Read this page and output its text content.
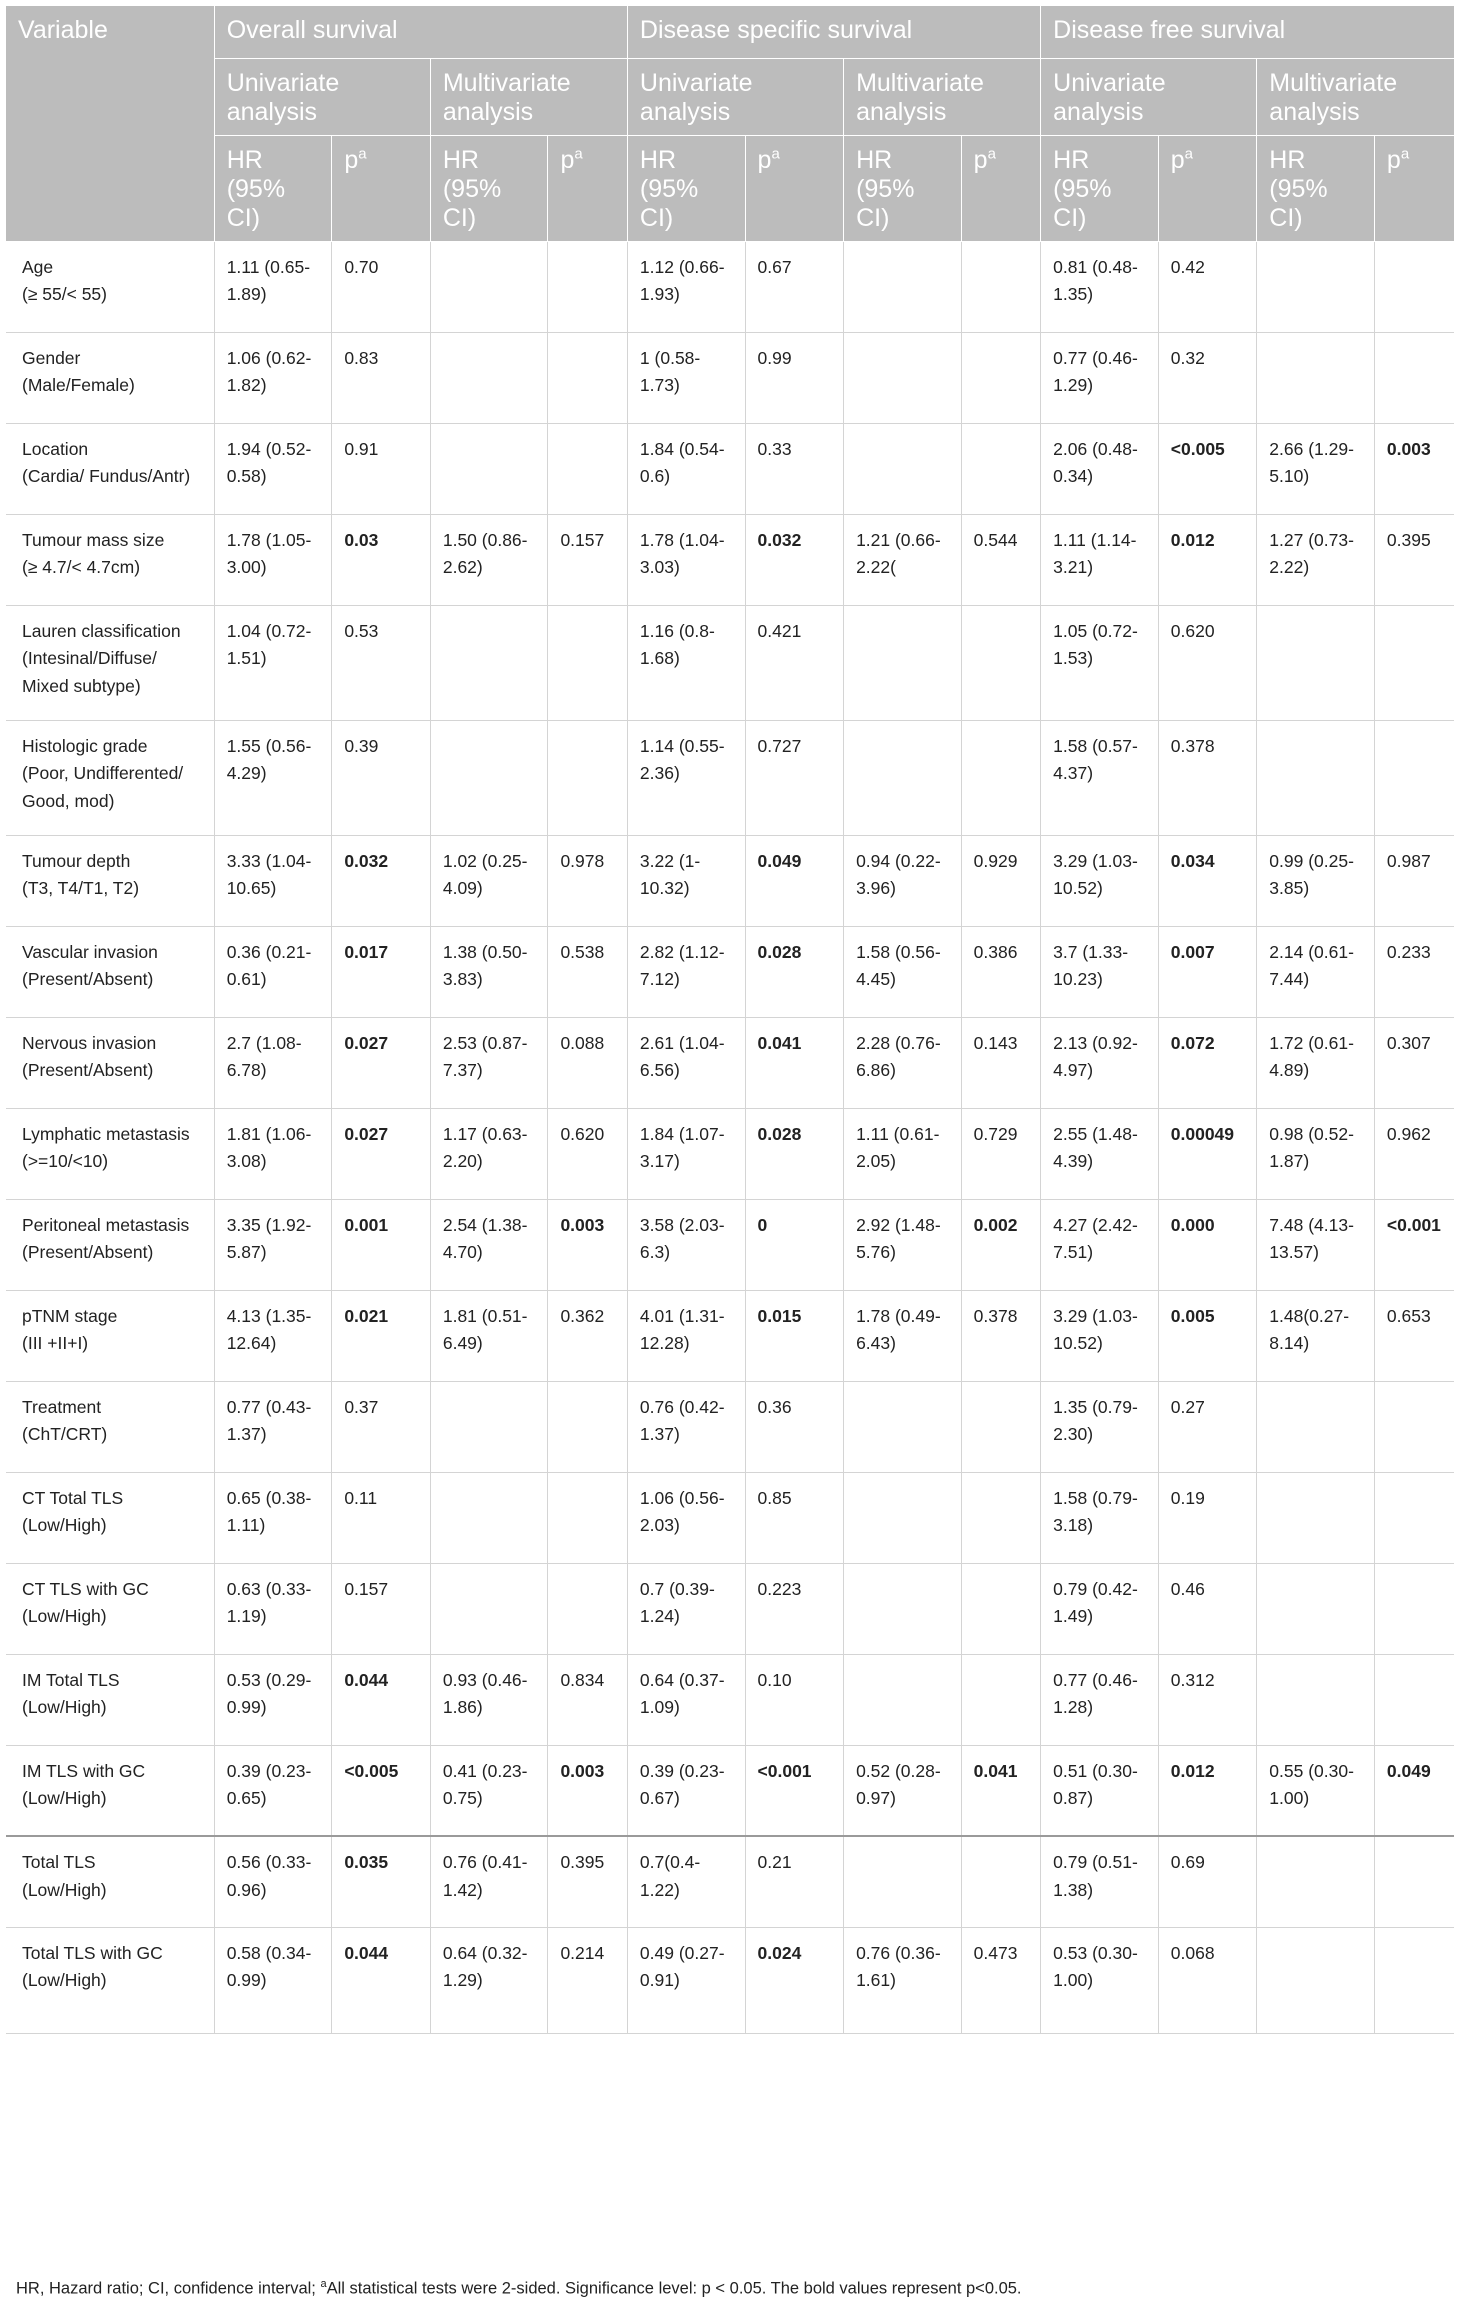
Variable	Overall survival				Disease specific survival				Disease free survival			
	Univariate analysis		Multivariate analysis		Univariate analysis		Multivariate analysis		Univariate analysis		Multivariate analysis	
	HR (95% CI)	$p^a$	HR (95% CI)	$p^a$	HR (95% CI)	$p^a$	HR (95% CI)	$p^a$	HR (95% CI)	$p^a$	HR (95% CI)	$p^a$

Age
(≥ 55/< 55)	1.11 (0.65-1.89)	0.70			1.12 (0.66-1.93)	0.67			0.81 (0.48-1.35)	0.42		

Gender
(Male/Female)	1.06 (0.62-1.82)	0.83			1 (0.58-1.73)	0.99			0.77 (0.46-1.29)	0.32		

Location
(Cardia/ Fundus/Antr)	1.94 (0.52-0.58)	0.91			1.84 (0.54-0.6)	0.33			2.06 (0.48-0.34)	<0.005	2.66 (1.29-5.10)	0.003

Tumour mass size
(≥ 4.7/< 4.7cm)	1.78 (1.05-3.00)	0.03	1.50 (0.86-2.62)	0.157	1.78 (1.04-3.03)	0.032	1.21 (0.66-2.22(	0.544	1.11 (1.14-3.21)	0.012	1.27 (0.73-2.22)	0.395

Lauren classification
(Intesinal/Diffuse/ Mixed subtype)	1.04 (0.72-1.51)	0.53			1.16 (0.8-1.68)	0.421			1.05 (0.72-1.53)	0.620		

Histologic grade
(Poor, Undifferented/ Good, mod)	1.55 (0.56-4.29)	0.39			1.14 (0.55-2.36)	0.727			1.58 (0.57-4.37)	0.378		

Tumour depth
(T3, T4/T1, T2)	3.33 (1.04-10.65)	0.032	1.02 (0.25-4.09)	0.978	3.22 (1-10.32)	0.049	0.94 (0.22-3.96)	0.929	3.29 (1.03-10.52)	0.034	0.99 (0.25- 3.85)	0.987

Vascular invasion
(Present/Absent)	0.36 (0.21-0.61)	0.017	1.38 (0.50-3.83)	0.538	2.82 (1.12-7.12)	0.028	1.58 (0.56-4.45)	0.386	3.7 (1.33-10.23)	0.007	2.14 (0.61-7.44)	0.233

Nervous invasion
(Present/Absent)	2.7 (1.08-6.78)	0.027	2.53 (0.87-7.37)	0.088	2.61 (1.04-6.56)	0.041	2.28 (0.76-6.86)	0.143	2.13 (0.92-4.97)	0.072	1.72 (0.61-4.89)	0.307

Lymphatic metastasis
(>=10/<10)	1.81 (1.06-3.08)	0.027	1.17 (0.63-2.20)	0.620	1.84 (1.07-3.17)	0.028	1.11 (0.61-2.05)	0.729	2.55 (1.48-4.39)	0.00049	0.98 (0.52-1.87)	0.962

Peritoneal metastasis
(Present/Absent)	3.35 (1.92-5.87)	0.001	2.54 (1.38-4.70)	0.003	3.58 (2.03-6.3)	0	2.92 (1.48-5.76)	0.002	4.27 (2.42-7.51)	0.000	7.48 (4.13-13.57)	<0.001

pTNM stage
(III +II+I)	4.13 (1.35-12.64)	0.021	1.81 (0.51-6.49)	0.362	4.01 (1.31-12.28)	0.015	1.78 (0.49-6.43)	0.378	3.29 (1.03-10.52)	0.005	1.48(0.27-8.14)	0.653

Treatment
(ChT/CRT)	0.77 (0.43-1.37)	0.37			0.76 (0.42-1.37)	0.36			1.35 (0.79-2.30)	0.27		

CT Total TLS
(Low/High)	0.65 (0.38-1.11)	0.11			1.06 (0.56-2.03)	0.85			1.58 (0.79-3.18)	0.19		

CT TLS with GC
(Low/High)	0.63 (0.33-1.19)	0.157			0.7 (0.39-1.24)	0.223			0.79 (0.42-1.49)	0.46		

IM Total TLS
(Low/High)	0.53 (0.29-0.99)	0.044	0.93 (0.46-1.86)	0.834	0.64 (0.37-1.09)	0.10			0.77 (0.46-1.28)	0.312		

IM TLS with GC
(Low/High)	0.39 (0.23-0.65)	<0.005	0.41 (0.23-0.75)	0.003	0.39 (0.23-0.67)	<0.001	0.52 (0.28-0.97)	0.041	0.51 (0.30-0.87)	0.012	0.55 (0.30-1.00)	0.049

Total TLS
(Low/High)	0.56 (0.33-0.96)	0.035	0.76 (0.41-1.42)	0.395	0.7(0.4-1.22)	0.21			0.79 (0.51-1.38)	0.69		

Total TLS with GC
(Low/High)	0.58 (0.34-0.99)	0.044	0.64 (0.32-1.29)	0.214	0.49 (0.27-0.91)	0.024	0.76 (0.36-1.61)	0.473	0.53 (0.30-1.00)	0.068		
HR, Hazard ratio; CI, confidence interval; $^a$All statistical tests were 2-sided. Significance level: p < 0.05. The bold values represent p<0.05.
